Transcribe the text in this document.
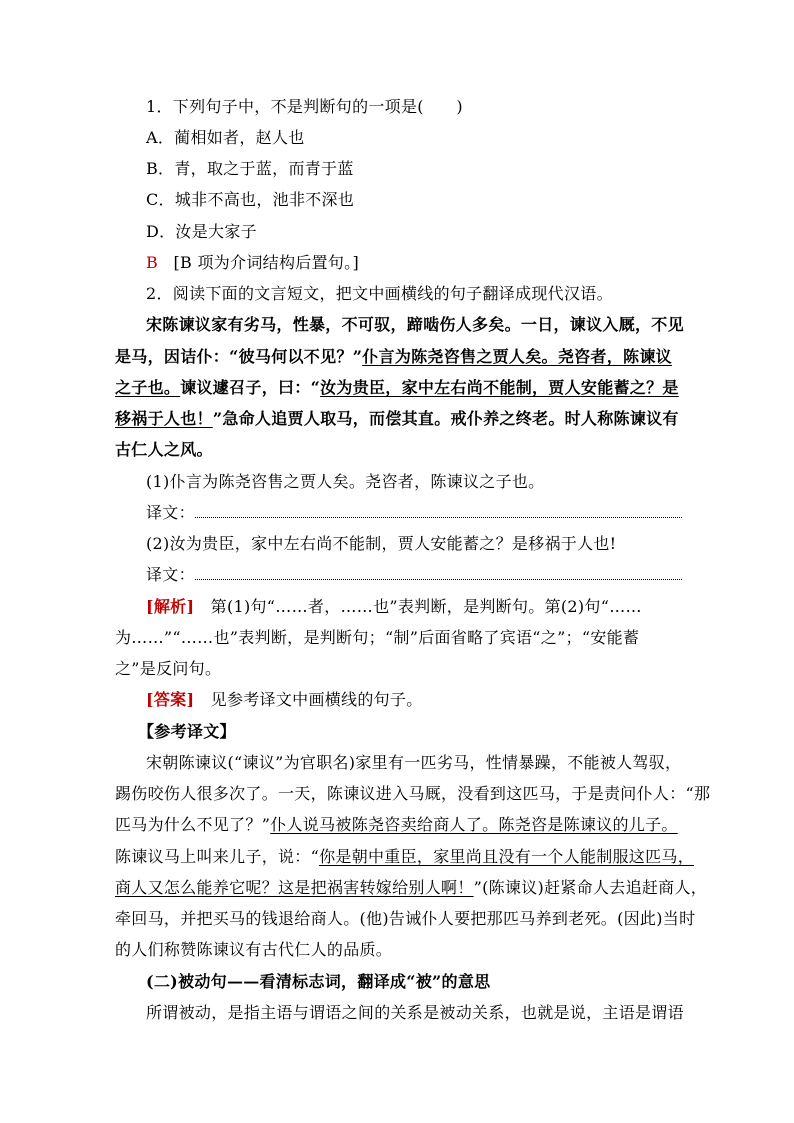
1．下列句子中，不是判断句的一项是(　　)
A．蔺相如者，赵人也
B．青，取之于蓝，而青于蓝
C．城非不高也，池非不深也
D．汝是大家子
B [B 项为介词结构后置句。]
2．阅读下面的文言短文，把文中画横线的句子翻译成现代汉语。
宋陈谏议家有劣马，性暴，不可驭，蹄啮伤人多矣。一日，谏议入厩，不见
是马，因诘仆：“彼马何以不见？”仆言为陈尧咨售之贾人矣。尧咨者，陈谏议
之子也。谏议遽召子，曰：“汝为贵臣，家中左右尚不能制，贾人安能蓄之？是
移祸于人也！”急命人追贾人取马，而偿其直。戒仆养之终老。时人称陈谏议有
古仁人之风。
(1)仆言为陈尧咨售之贾人矣。尧咨者，陈谏议之子也。
译文：
(2)汝为贵臣，家中左右尚不能制，贾人安能蓄之？是移祸于人也!
译文：
[解析]　第(1)句“……者，……也”表判断，是判断句。第(2)句“……
为……”“……也”表判断，是判断句；“制”后面省略了宾语“之”；“安能蓄
之”是反问句。
[答案]　见参考译文中画横线的句子。
【参考译文】
宋朝陈谏议(“谏议”为官职名)家里有一匹劣马，性情暴躁，不能被人驾驭，
踢伤咬伤人很多次了。一天，陈谏议进入马厩，没看到这匹马，于是责问仆人：“那
匹马为什么不见了？”仆人说马被陈尧咨卖给商人了。陈尧咨是陈谏议的儿子。
陈谏议马上叫来儿子，说：“你是朝中重臣，家里尚且没有一个人能制服这匹马，
商人又怎么能养它呢？这是把祸害转嫁给别人啊！”(陈谏议)赶紧命人去追赶商人，
牵回马，并把买马的钱退给商人。(他)告诫仆人要把那匹马养到老死。(因此)当时
的人们称赞陈谏议有古代仁人的品质。
(二)被动句——看清标志词，翻译成“被”的意思
所谓被动，是指主语与谓语之间的关系是被动关系，也就是说，主语是谓语
